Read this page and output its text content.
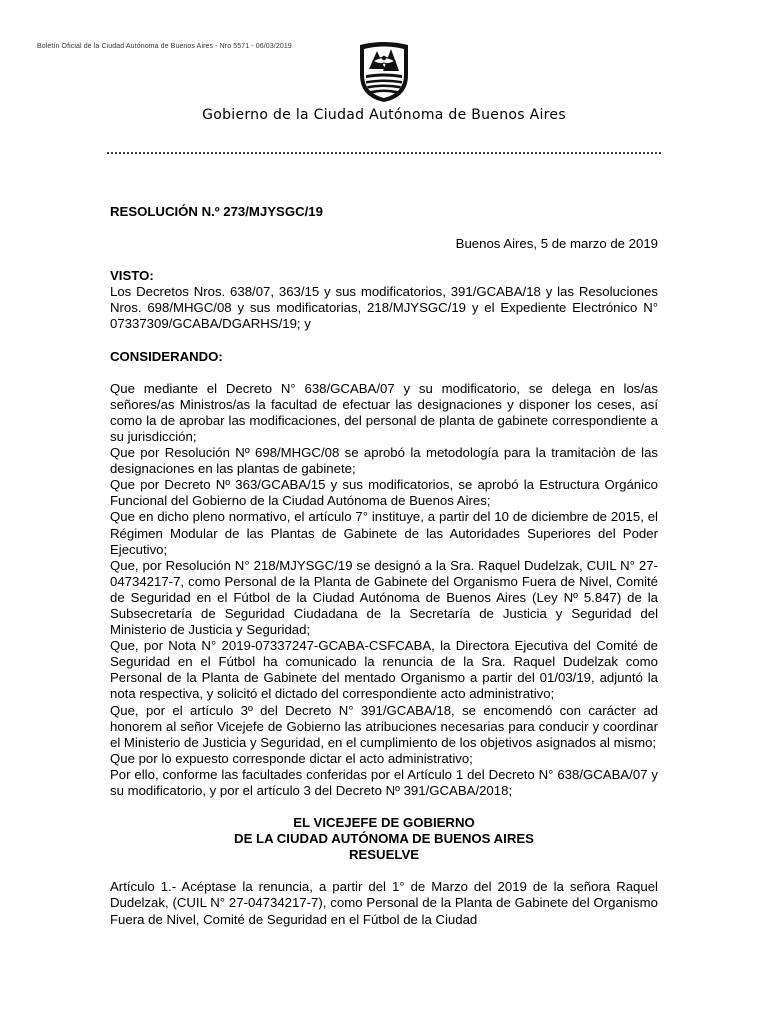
Boletín Oficial de la Ciudad Autónoma de Buenos Aires - Nro 5571 - 06/03/2019
Gobierno de la Ciudad Autónoma de Buenos Aires

RESOLUCIÓN N.º 273/MJYSGC/19

Buenos Aires, 5 de marzo de 2019

VISTO:

Los Decretos Nros. 638/07, 363/15 y sus modificatorios, 391/GCABA/18 y las Resoluciones Nros. 698/MHGC/08 y sus modificatorias, 218/MJYSGC/19 y el Expediente Electrónico N° 07337309/GCABA/DGARHS/19; y

CONSIDERANDO:

Que mediante el Decreto N° 638/GCABA/07 y su modificatorio, se delega en los/as señores/as Ministros/as la facultad de efectuar las designaciones y disponer los ceses, así como la de aprobar las modificaciones, del personal de planta de gabinete correspondiente a su jurisdicción;

Que por Resolución Nº 698/MHGC/08 se aprobó la metodología para la tramitaciòn de las designaciones en las plantas de gabinete;

Que por Decreto Nº 363/GCABA/15 y sus modificatorios, se aprobó la Estructura Orgánico Funcional del Gobierno de la Ciudad Autónoma de Buenos Aires;

Que en dicho pleno normativo, el artículo 7° instituye, a partir del 10 de diciembre de 2015, el Régimen Modular de las Plantas de Gabinete de las Autoridades Superiores del Poder Ejecutivo;

Que, por Resolución N° 218/MJYSGC/19 se designó a la Sra. Raquel Dudelzak, CUIL N° 27-04734217-7, como Personal de la Planta de Gabinete del Organismo Fuera de Nivel, Comité de Seguridad en el Fútbol de la Ciudad Autónoma de Buenos Aires (Ley Nº 5.847) de la Subsecretaría de Seguridad Ciudadana de la Secretaría de Justicia y Seguridad del Ministerio de Justicia y Seguridad;

Que, por Nota N° 2019-07337247-GCABA-CSFCABA, la Directora Ejecutiva del Comité de Seguridad en el Fútbol ha comunicado la renuncia de la Sra. Raquel Dudelzak como Personal de la Planta de Gabinete del mentado Organismo a partir del 01/03/19, adjuntó la nota respectiva, y solicitó el dictado del correspondiente acto administrativo;

Que, por el artículo 3º del Decreto N° 391/GCABA/18, se encomendó con carácter ad honorem al señor Vicejefe de Gobierno las atribuciones necesarias para conducir y coordinar el Ministerio de Justicia y Seguridad, en el cumplimiento de los objetivos asignados al mismo;

Que por lo expuesto corresponde dictar el acto administrativo;

Por ello, conforme las facultades conferidas por el Artículo 1 del Decreto N° 638/GCABA/07 y su modificatorio, y por el artículo 3 del Decreto Nº 391/GCABA/2018;

EL VICEJEFE DE GOBIERNO

DE LA CIUDAD AUTÓNOMA DE BUENOS AIRES

RESUELVE

Artículo 1.- Acéptase la renuncia, a partir del 1° de Marzo del 2019 de la señora Raquel Dudelzak, (CUIL N° 27-04734217-7), como Personal de la Planta de Gabinete del Organismo Fuera de Nivel, Comité de Seguridad en el Fútbol de la Ciudad
